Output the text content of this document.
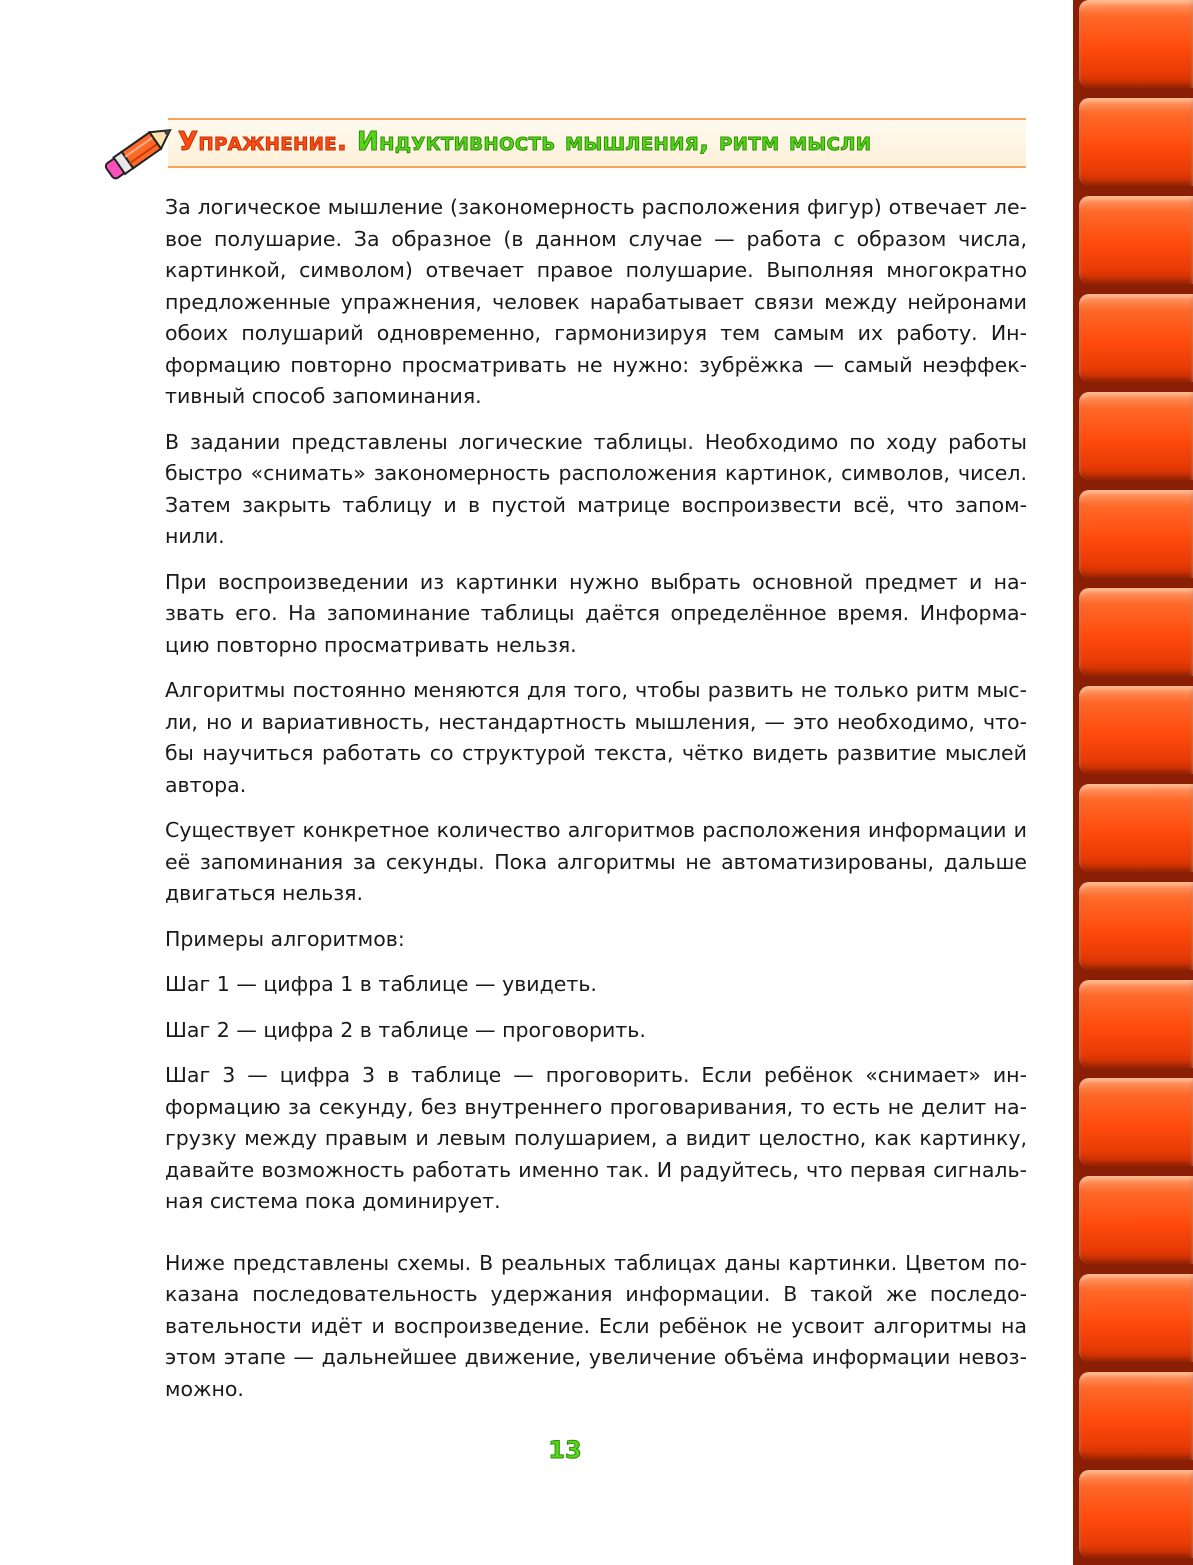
Упражнение. Индуктивность мышления, ритм мысли

За логическое мышление (закономерность расположения фигур) отвечает левое полушарие. За образное (в данном случае — работа с образом числа, картинкой, символом) отвечает правое полушарие. Выполняя многократно предложенные упражнения, человек нарабатывает связи между нейронами обоих полушарий одновременно, гармонизируя тем самым их работу. Информацию повторно просматривать не нужно: зубрёжка — самый неэффективный способ запоминания.

В задании представлены логические таблицы. Необходимо по ходу работы быстро «снимать» закономерность расположения картинок, символов, чисел. Затем закрыть таблицу и в пустой матрице воспроизвести всё, что запомнили.

При воспроизведении из картинки нужно выбрать основной предмет и назвать его. На запоминание таблицы даётся определённое время. Информацию повторно просматривать нельзя.

Алгоритмы постоянно меняются для того, чтобы развить не только ритм мысли, но и вариативность, нестандартность мышления, — это необходимо, чтобы научиться работать со структурой текста, чётко видеть развитие мыслей автора.

Существует конкретное количество алгоритмов расположения информации и её запоминания за секунды. Пока алгоритмы не автоматизированы, дальше двигаться нельзя.

Примеры алгоритмов:

Шаг 1 — цифра 1 в таблице — увидеть.

Шаг 2 — цифра 2 в таблице — проговорить.

Шаг 3 — цифра 3 в таблице — проговорить. Если ребёнок «снимает» информацию за секунду, без внутреннего проговаривания, то есть не делит нагрузку между правым и левым полушарием, а видит целостно, как картинку, давайте возможность работать именно так. И радуйтесь, что первая сигнальная система пока доминирует.

Ниже представлены схемы. В реальных таблицах даны картинки. Цветом показана последовательность удержания информации. В такой же последовательности идёт и воспроизведение. Если ребёнок не усвоит алгоритмы на этом этапе — дальнейшее движение, увеличение объёма информации невозможно.

13
